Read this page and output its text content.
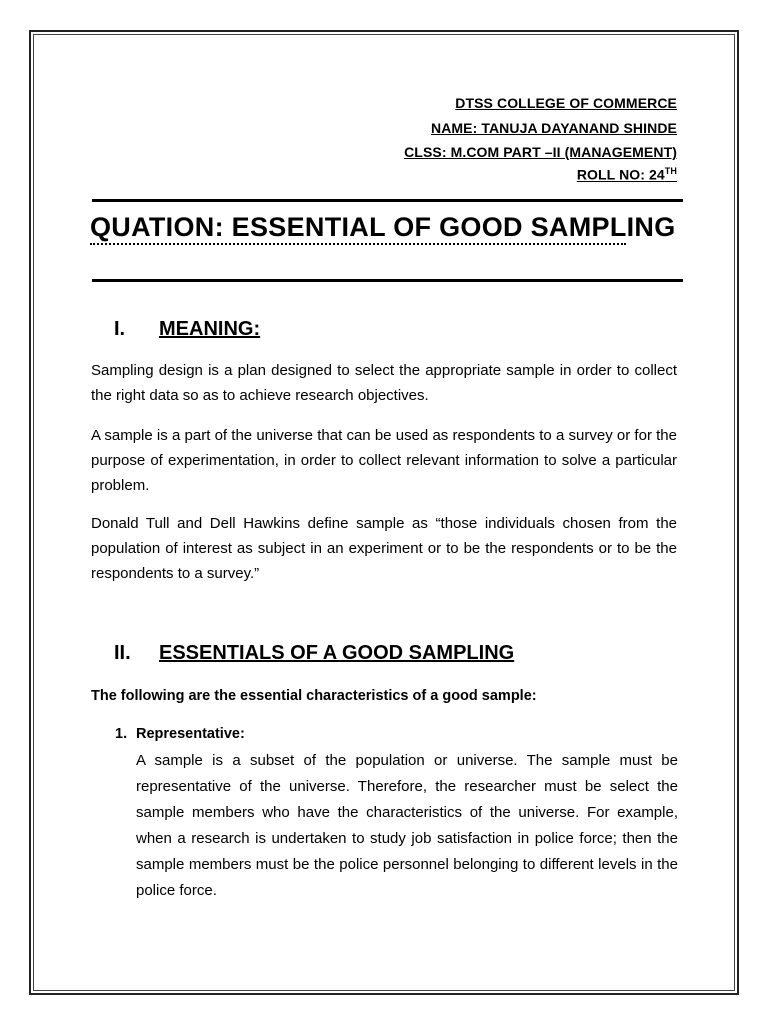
DTSS COLLEGE OF COMMERCE
NAME: TANUJA DAYANAND SHINDE
CLSS: M.COM PART –II (MANAGEMENT)
ROLL NO: 24TH
QUATION: ESSENTIAL OF GOOD SAMPLING
I. MEANING:

Sampling design is a plan designed to select the appropriate sample in order to collect the right data so as to achieve research objectives.

A sample is a part of the universe that can be used as respondents to a survey or for the purpose of experimentation, in order to collect relevant information to solve a particular problem.

Donald Tull and Dell Hawkins define sample as “those individuals chosen from the population of interest as subject in an experiment or to be the respondents or to be the respondents to a survey.”

II. ESSENTIALS OF A GOOD SAMPLING
The following are the essential characteristics of a good sample:
1. Representative:

A sample is a subset of the population or universe. The sample must be representative of the universe. Therefore, the researcher must be select the sample members who have the characteristics of the universe. For example, when a research is undertaken to study job satisfaction in police force; then the sample members must be the police personnel belonging to different levels in the police force.
